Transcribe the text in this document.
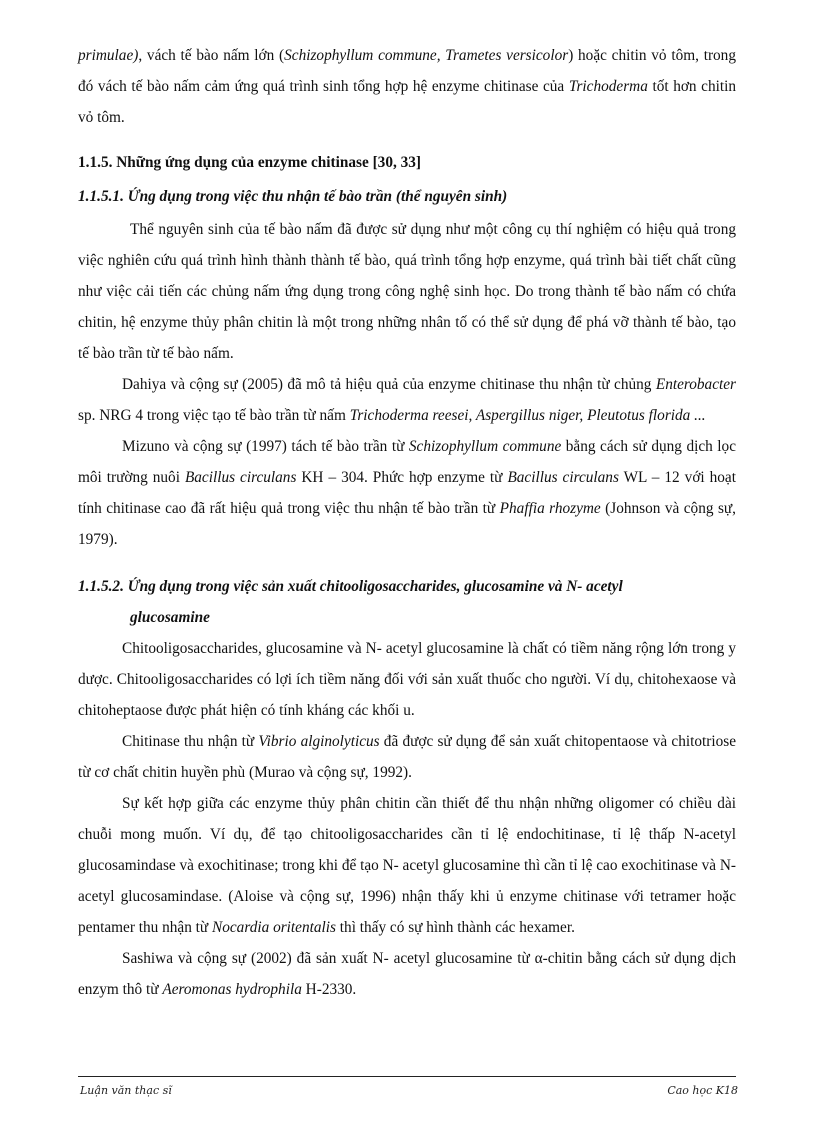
primulae), vách tế bào nấm lớn (Schizophyllum commune, Trametes versicolor) hoặc chitin vỏ tôm, trong đó vách tế bào nấm cảm ứng quá trình sinh tổng hợp hệ enzyme chitinase của Trichoderma tốt hơn chitin vỏ tôm.

1.1.5. Những ứng dụng của enzyme chitinase [30, 33]
1.1.5.1. Ứng dụng trong việc thu nhận tế bào trần (thể nguyên sinh)

Thể nguyên sinh của tế bào nấm đã được sử dụng như một công cụ thí nghiệm có hiệu quả trong việc nghiên cứu quá trình hình thành thành tế bào, quá trình tổng hợp enzyme, quá trình bài tiết chất cũng như việc cải tiến các chủng nấm ứng dụng trong công nghệ sinh học. Do trong thành tế bào nấm có chứa chitin, hệ enzyme thủy phân chitin là một trong những nhân tố có thể sử dụng để phá vỡ thành tế bào, tạo tế bào trần từ tế bào nấm.

Dahiya và cộng sự (2005) đã mô tả hiệu quả của enzyme chitinase thu nhận từ chủng Enterobacter sp. NRG 4 trong việc tạo tế bào trần từ nấm Trichoderma reesei, Aspergillus niger, Pleutotus florida ...

Mizuno và cộng sự (1997) tách tế bào trần từ Schizophyllum commune bằng cách sử dụng dịch lọc môi trường nuôi Bacillus circulans KH – 304. Phức hợp enzyme từ Bacillus circulans WL – 12 với hoạt tính chitinase cao đã rất hiệu quả trong việc thu nhận tế bào trần từ Phaffia rhozyme (Johnson và cộng sự, 1979).

1.1.5.2. Ứng dụng trong việc sản xuất chitooligosaccharides, glucosamine và N- acetyl
glucosamine

Chitooligosaccharides, glucosamine và N- acetyl glucosamine là chất có tiềm năng rộng lớn trong y dược. Chitooligosaccharides có lợi ích tiềm năng đối với sản xuất thuốc cho người. Ví dụ, chitohexaose và chitoheptaose được phát hiện có tính kháng các khối u.

Chitinase thu nhận từ Vibrio alginolyticus đã được sử dụng để sản xuất chitopentaose và chitotriose từ cơ chất chitin huyền phù (Murao và cộng sự, 1992).

Sự kết hợp giữa các enzyme thủy phân chitin cần thiết để thu nhận những oligomer có chiều dài chuỗi mong muốn. Ví dụ, để tạo chitooligosaccharides cần tỉ lệ endochitinase, tỉ lệ thấp N-acetyl glucosamindase và exochitinase; trong khi để tạo N- acetyl glucosamine thì cần tỉ lệ cao exochitinase và N-acetyl glucosamindase. (Aloise và cộng sự, 1996) nhận thấy khi ủ enzyme chitinase với tetramer hoặc pentamer thu nhận từ Nocardia oritentalis thì thấy có sự hình thành các hexamer.

Sashiwa và cộng sự (2002) đã sản xuất N- acetyl glucosamine từ α-chitin bằng cách sử dụng dịch enzym thô từ Aeromonas hydrophila H-2330.

Luận văn thạc sĩ	Cao học K18
